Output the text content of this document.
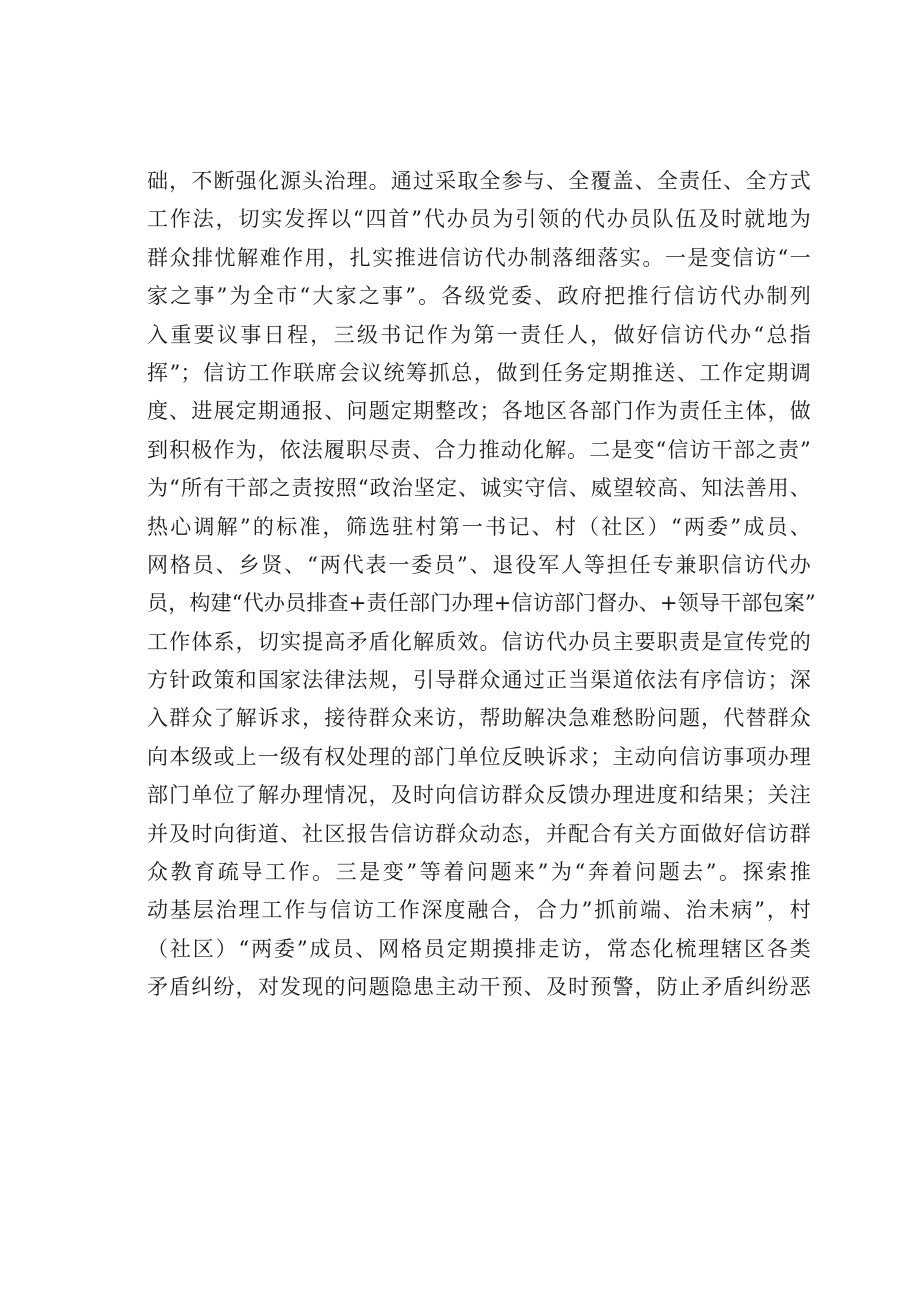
础，不断强化源头治理。通过采取全参与、全覆盖、全责任、全方式
工作法，切实发挥以“四首”代办员为引领的代办员队伍及时就地为
群众排忧解难作用，扎实推进信访代办制落细落实。一是变信访“一
家之事”为全市“大家之事”。各级党委、政府把推行信访代办制列
入重要议事日程，三级书记作为第一责任人，做好信访代办“总指
挥”；信访工作联席会议统筹抓总，做到任务定期推送、工作定期调
度、进展定期通报、问题定期整改；各地区各部门作为责任主体，做
到积极作为，依法履职尽责、合力推动化解。二是变“信访干部之责”
为“所有干部之责按照“政治坚定、诚实守信、威望较高、知法善用、
热心调解”的标准，筛选驻村第一书记、村（社区）“两委”成员、
网格员、乡贤、“两代表一委员”、退役军人等担任专兼职信访代办
员，构建“代办员排查+责任部门办理+信访部门督办、+领导干部包案”
工作体系，切实提高矛盾化解质效。信访代办员主要职责是宣传党的
方针政策和国家法律法规，引导群众通过正当渠道依法有序信访；深
入群众了解诉求，接待群众来访，帮助解决急难愁盼问题，代替群众
向本级或上一级有权处理的部门单位反映诉求；主动向信访事项办理
部门单位了解办理情况，及时向信访群众反馈办理进度和结果；关注
并及时向街道、社区报告信访群众动态，并配合有关方面做好信访群
众教育疏导工作。三是变”等着问题来”为“奔着问题去”。探索推
动基层治理工作与信访工作深度融合，合力”抓前端、治未病”，村
（社区）“两委”成员、网格员定期摸排走访，常态化梳理辖区各类
矛盾纠纷，对发现的问题隐患主动干预、及时预警，防止矛盾纠纷恶
